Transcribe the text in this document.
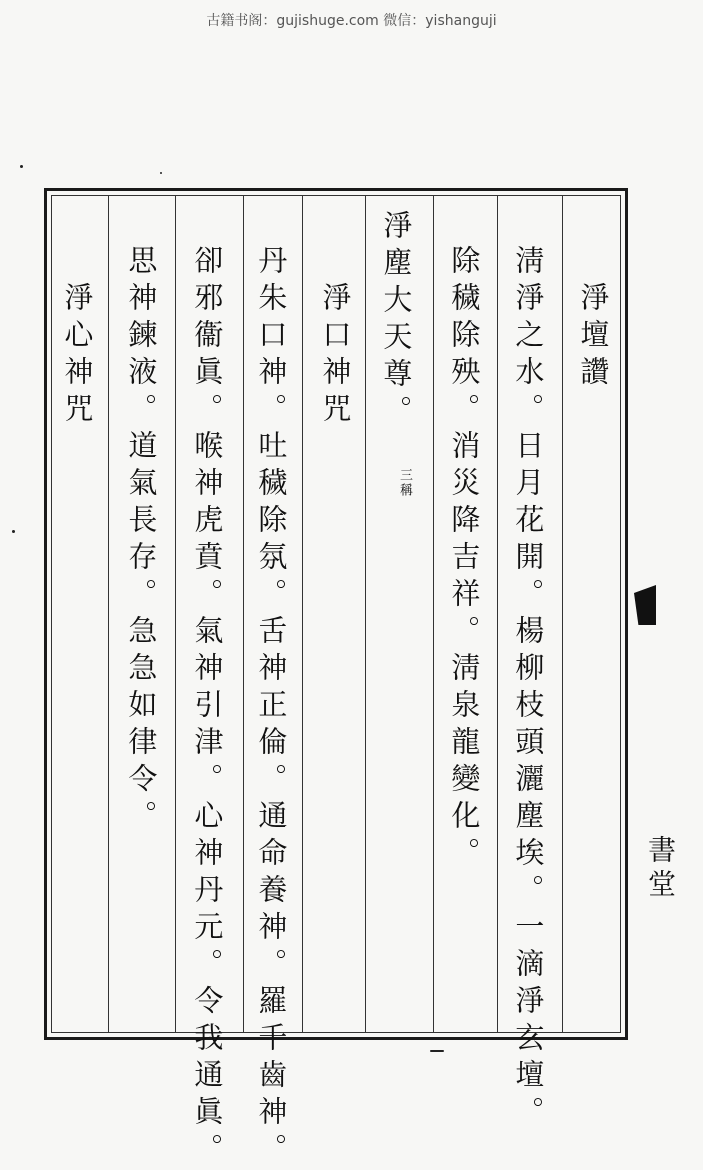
古籍书阁：gujishuge.com 微信：yishanguji
淨壇讚
淸淨之水。日月花開。楊柳枝頭灑塵埃。一滴淨玄壇。
除穢除殃。消災降吉祥。淸泉龍變化。
淨塵大天尊。
三稱
淨口神咒
丹朱口神。吐穢除氛。舌神正倫。通命養神。羅千齒神。
卻邪衞眞。喉神虎賁。氣神引津。心神丹元。令我通眞。
思神鍊液。道氣長存。急急如律令。
淨心神咒
書堂
